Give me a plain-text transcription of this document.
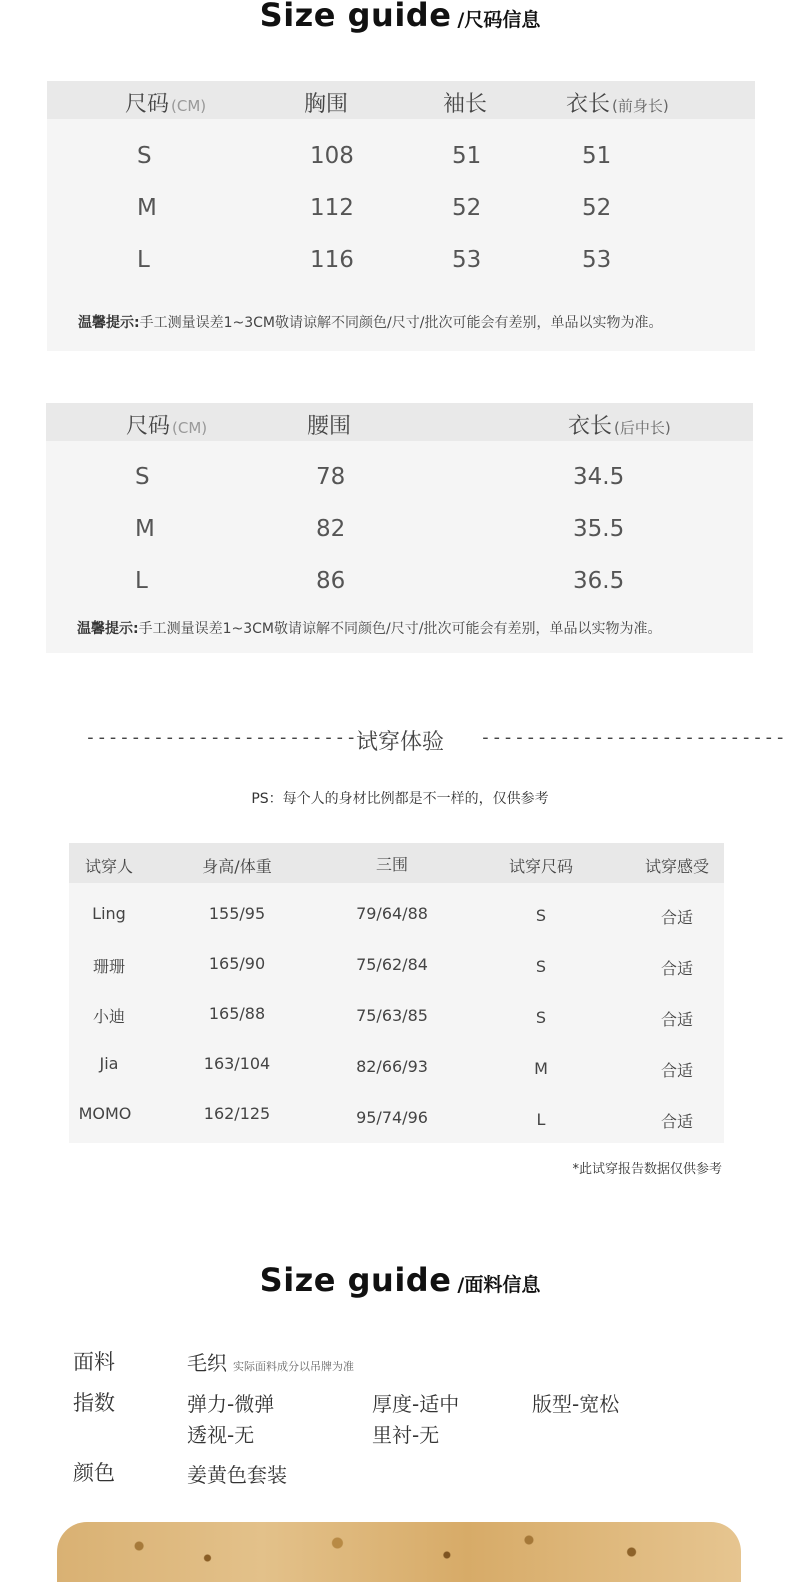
Size guide /尺码信息
尺码 (CM)	胸围	袖长	衣长 (前身长)
S	108	51	51
M	112	52	52
L	116	53	53
温馨提示:手工测量误差1~3CM敬请谅解不同颜色/尺寸/批次可能会有差别，单品以实物为准。
尺码 (CM)	腰围	衣长 (后中长)
S	78	34.5
M	82	35.5
L	86	36.5
温馨提示:手工测量误差1~3CM敬请谅解不同颜色/尺寸/批次可能会有差别，单品以实物为准。
---------------------------
试穿体验	---------------------------
PS：每个人的身材比例都是不一样的，仅供参考
试穿人	身高/体重	三围	试穿尺码	试穿感受
Ling	155/95	79/64/88	S	合适
珊珊	165/90	75/62/84	S	合适
小迪	165/88	75/63/85	S	合适
Jia	163/104	82/66/93	M	合适
MOMO	162/125	95/74/96	L	合适
*此试穿报告数据仅供参考
Size guide /面料信息
面料	毛织 实际面料成分以吊牌为准
指数	弹力-微弹	厚度-适中	版型-宽松
透视-无	里衬-无
颜色	姜黄色套装
